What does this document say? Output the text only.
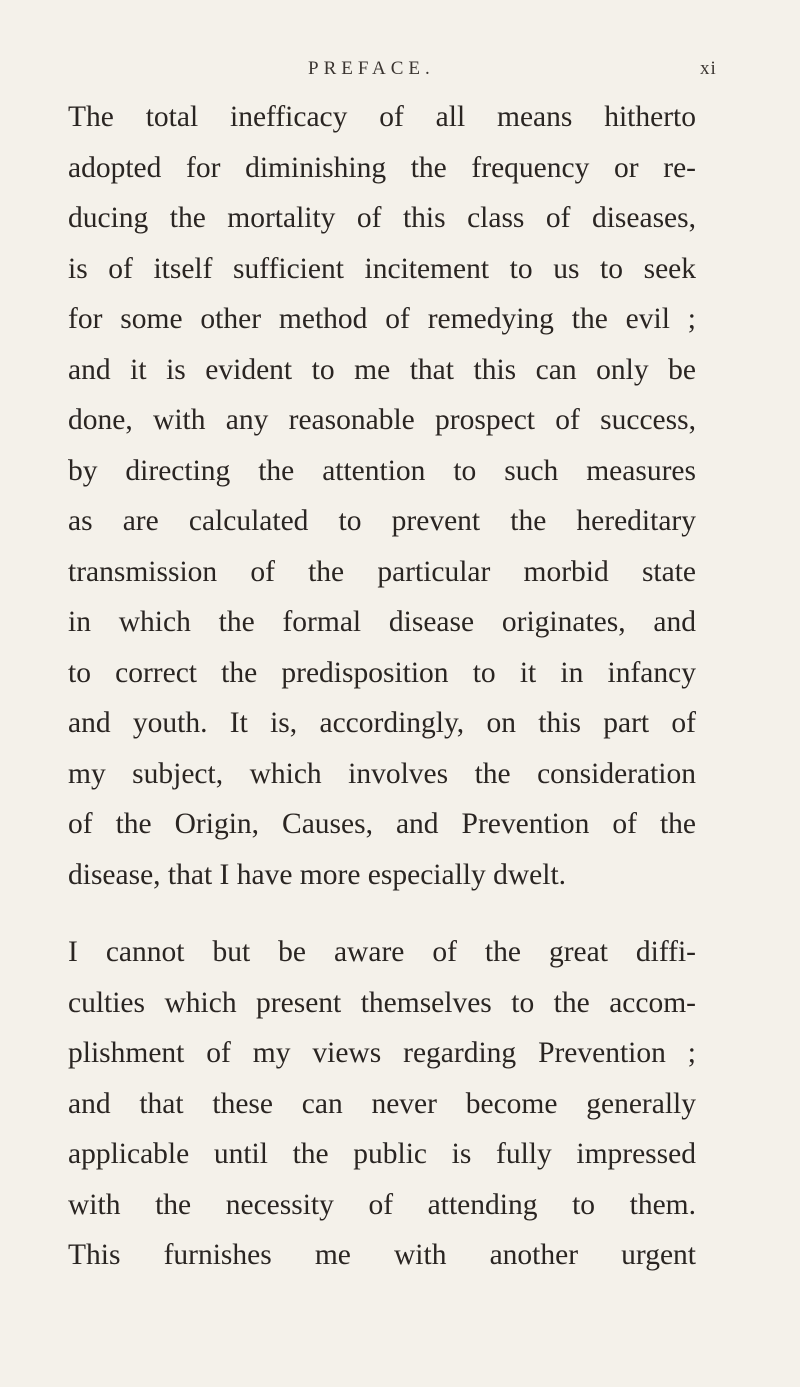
PREFACE.	xi
The total inefficacy of all means hitherto
adopted for diminishing the frequency or re-
ducing the mortality of this class of diseases,
is of itself sufficient incitement to us to seek
for some other method of remedying the evil ;
and it is evident to me that this can only be
done, with any reasonable prospect of success,
by directing the attention to such measures
as are calculated to prevent the hereditary
transmission of the particular morbid state
in which the formal disease originates, and
to correct the predisposition to it in infancy
and youth. It is, accordingly, on this part of
my subject, which involves the consideration
of the Origin, Causes, and Prevention of the
disease, that I have more especially dwelt.
I cannot but be aware of the great diffi-
culties which present themselves to the accom-
plishment of my views regarding Prevention ;
and that these can never become generally
applicable until the public is fully impressed
with the necessity of attending to them.
This furnishes me with another urgent
